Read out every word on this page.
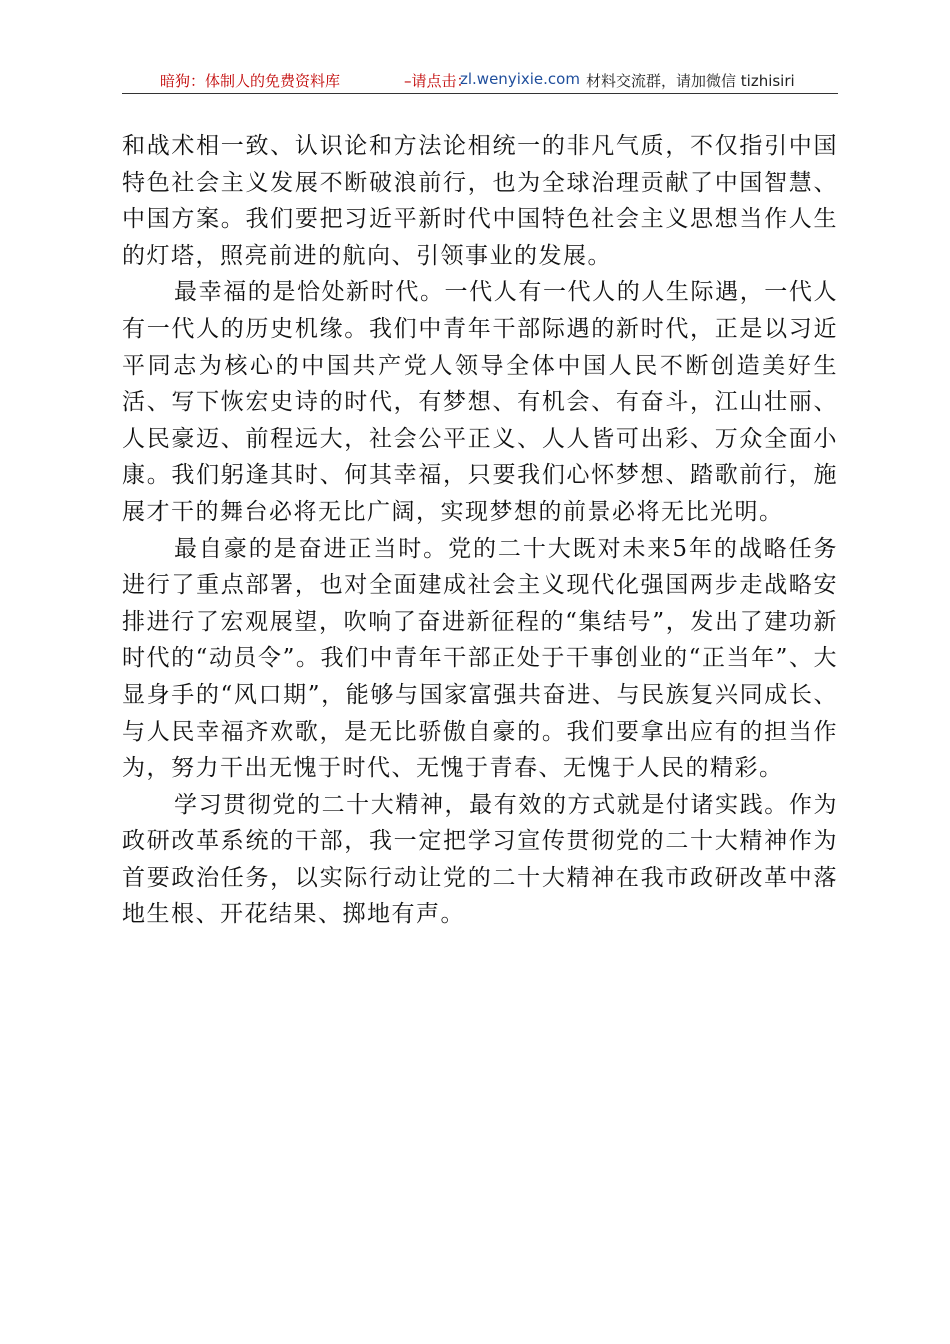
暗狗：体制人的免费资料库	–请点击：
zl.wenyixie.com 材料交流群，请加微信 tizhisiri

和战术相一致、认识论和方法论相统一的非凡气质，不仅指引中国特色社会主义发展不断破浪前行，也为全球治理贡献了中国智慧、中国方案。我们要把习近平新时代中国特色社会主义思想当作人生的灯塔，照亮前进的航向、引领事业的发展。

最幸福的是恰处新时代。一代人有一代人的人生际遇，一代人有一代人的历史机缘。我们中青年干部际遇的新时代，正是以习近平同志为核心的中国共产党人领导全体中国人民不断创造美好生活、写下恢宏史诗的时代，有梦想、有机会、有奋斗，江山壮丽、人民豪迈、前程远大，社会公平正义、人人皆可出彩、万众全面小康。我们躬逢其时、何其幸福，只要我们心怀梦想、踏歌前行，施展才干的舞台必将无比广阔，实现梦想的前景必将无比光明。

最自豪的是奋进正当时。党的二十大既对未来5年的战略任务进行了重点部署，也对全面建成社会主义现代化强国两步走战略安排进行了宏观展望，吹响了奋进新征程的“集结号”，发出了建功新时代的“动员令”。我们中青年干部正处于干事创业的“正当年”、大显身手的“风口期”，能够与国家富强共奋进、与民族复兴同成长、与人民幸福齐欢歌，是无比骄傲自豪的。我们要拿出应有的担当作为，努力干出无愧于时代、无愧于青春、无愧于人民的精彩。

学习贯彻党的二十大精神，最有效的方式就是付诸实践。作为政研改革系统的干部，我一定把学习宣传贯彻党的二十大精神作为首要政治任务，以实际行动让党的二十大精神在我市政研改革中落地生根、开花结果、掷地有声。
